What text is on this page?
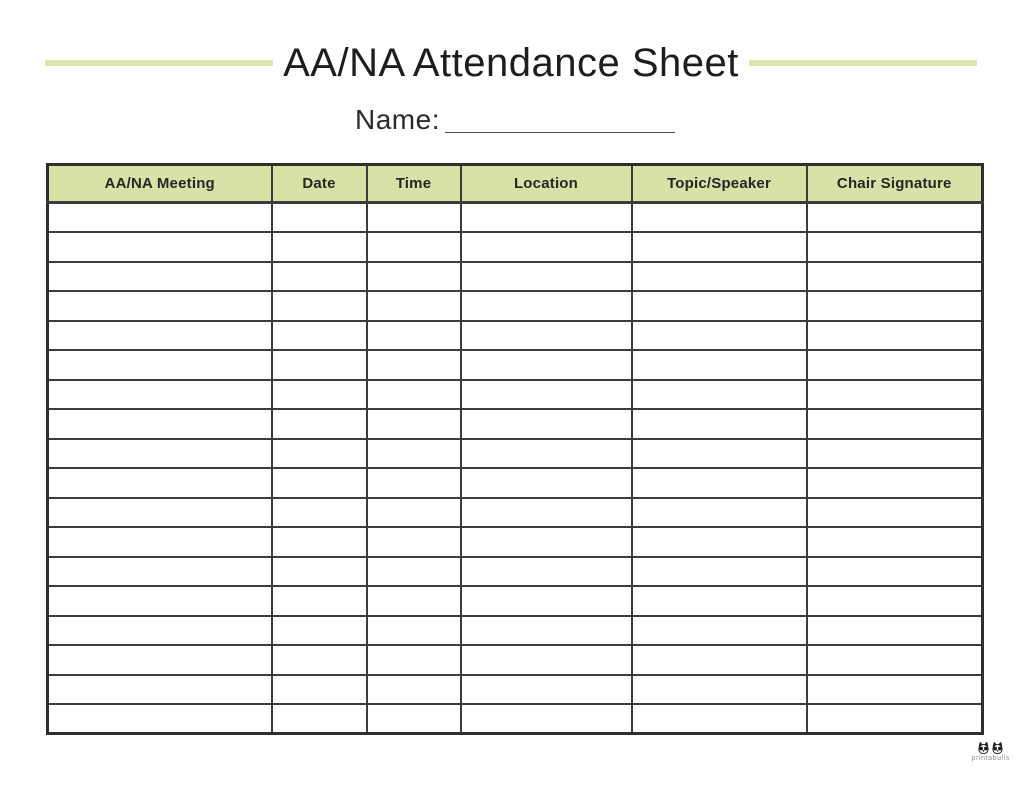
AA/NA Attendance Sheet
Name:
AA/NA Meeting	Date	Time	Location	Topic/Speaker	Chair Signature

printabulls
